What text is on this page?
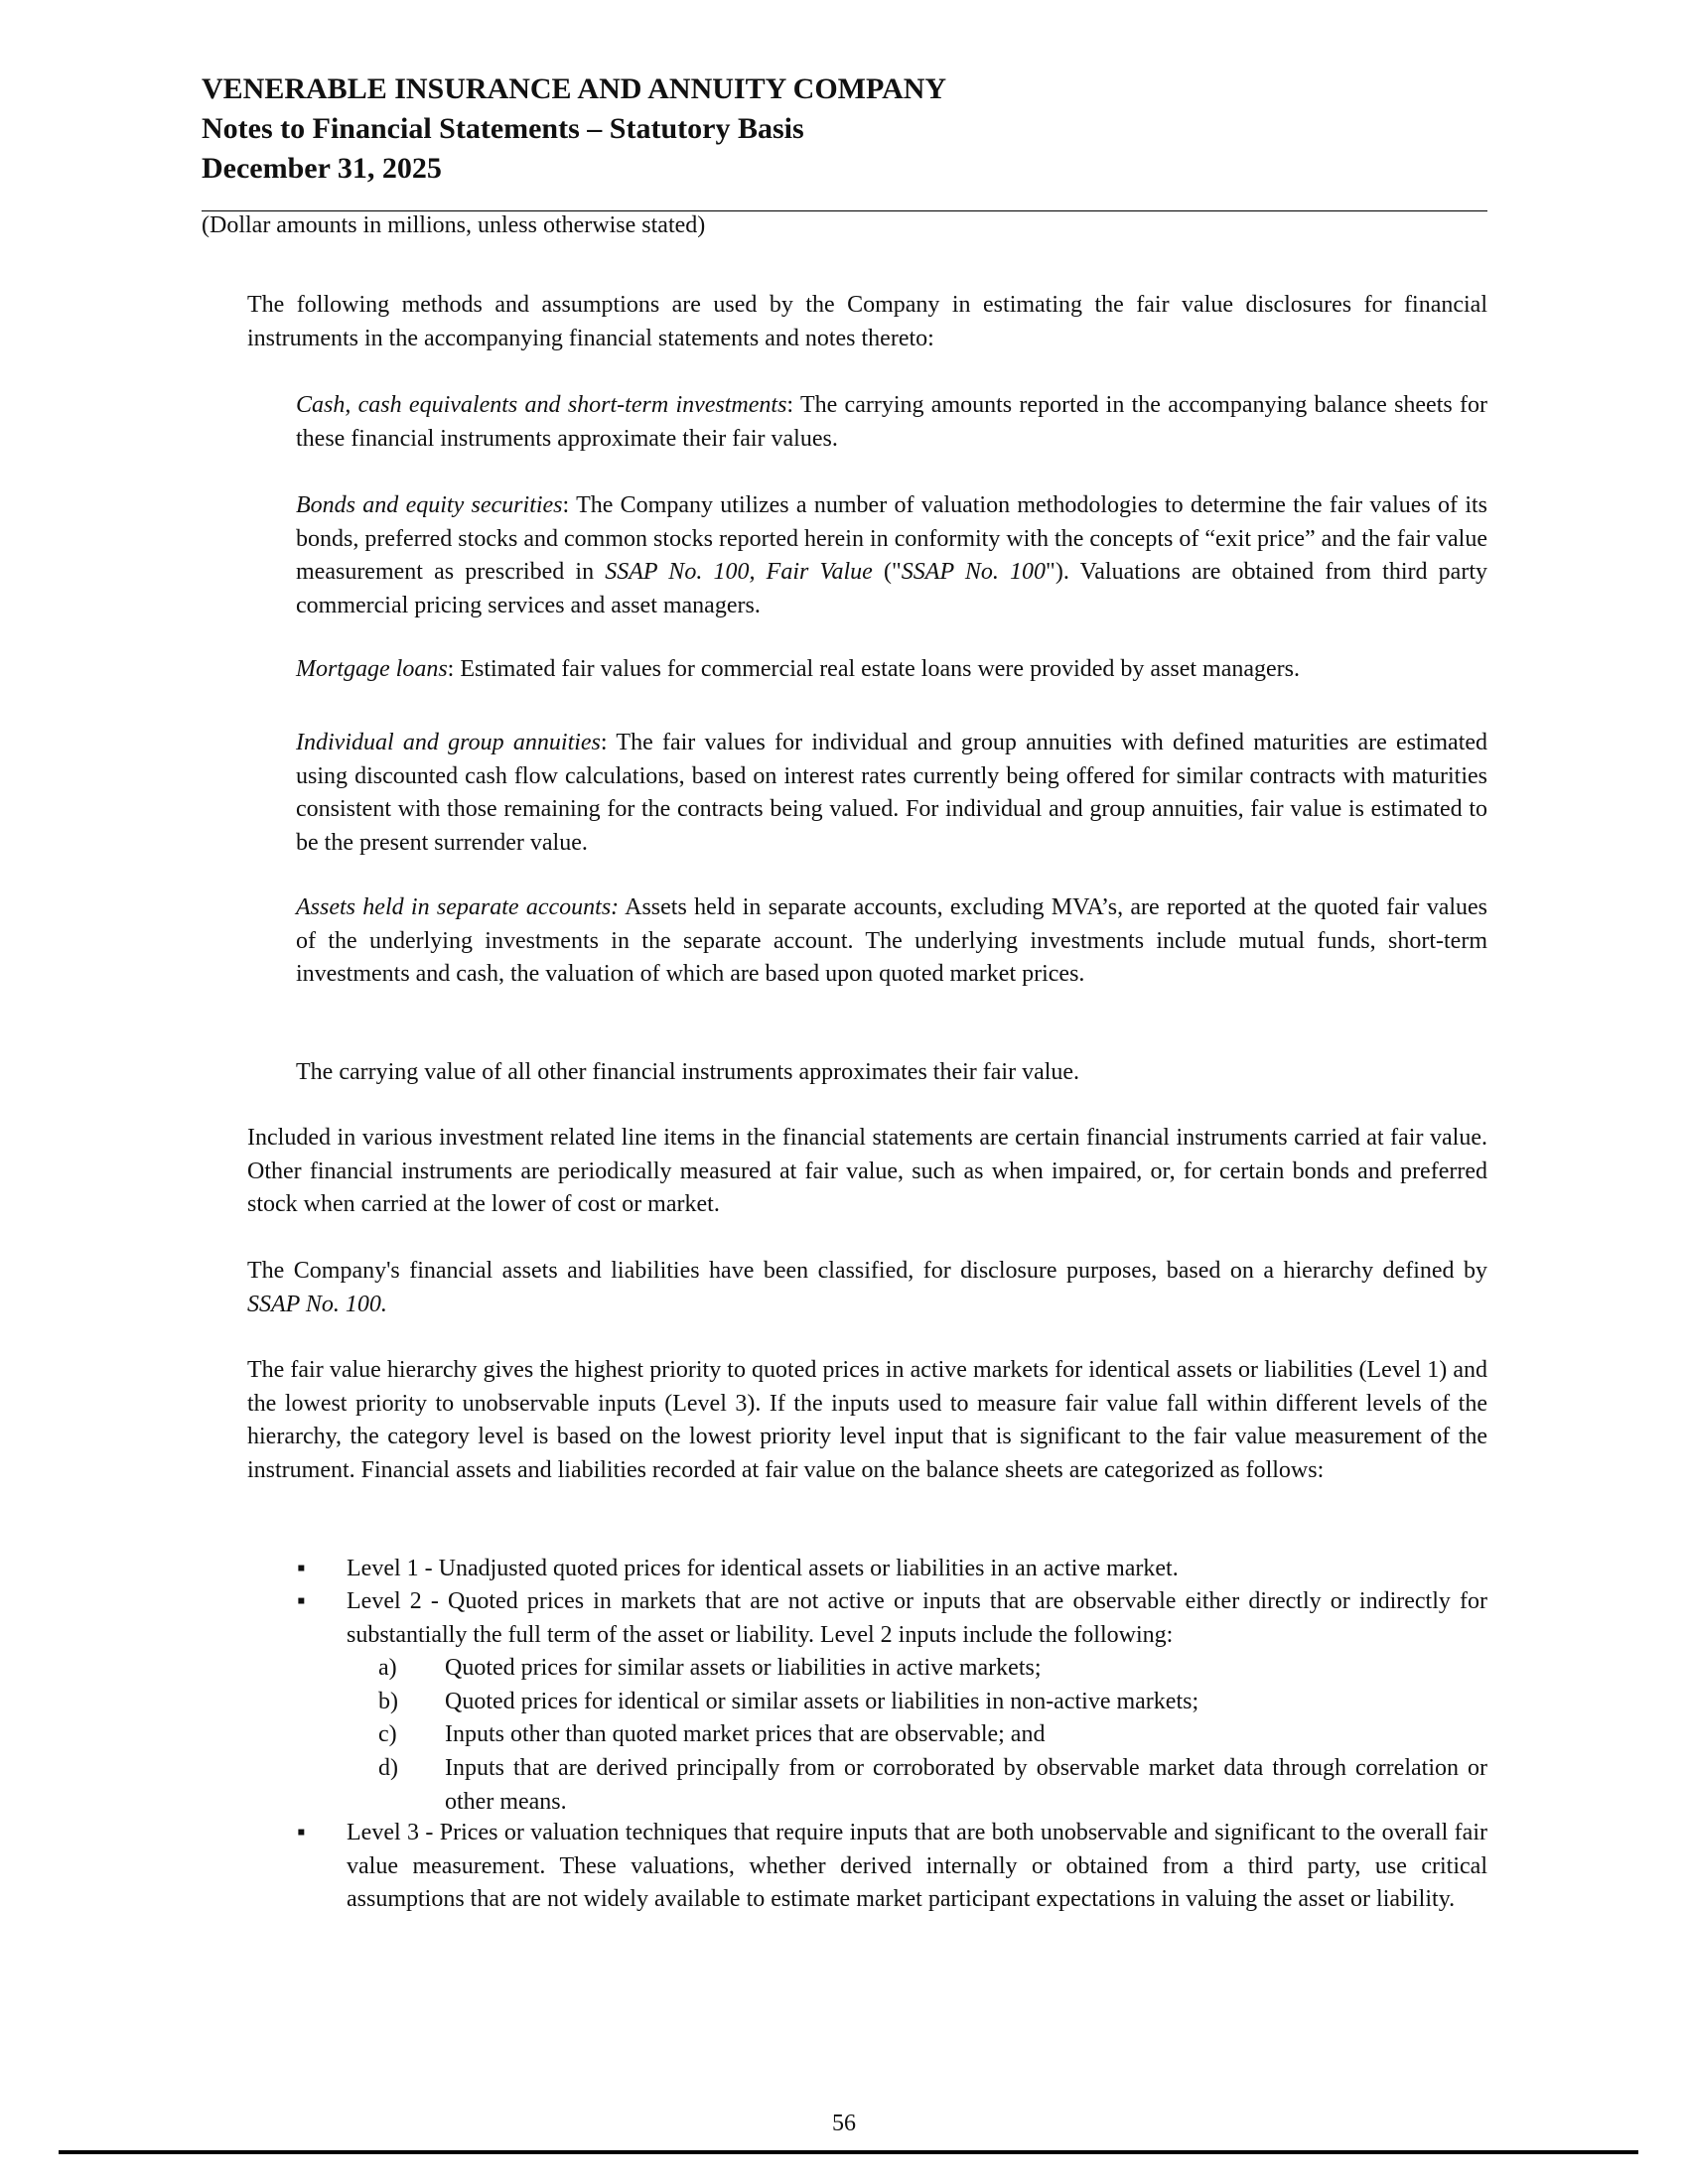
VENERABLE INSURANCE AND ANNUITY COMPANY
Notes to Financial Statements – Statutory Basis
December 31, 2025
(Dollar amounts in millions, unless otherwise stated)
The following methods and assumptions are used by the Company in estimating the fair value disclosures for financial instruments in the accompanying financial statements and notes thereto:
Cash, cash equivalents and short-term investments: The carrying amounts reported in the accompanying balance sheets for these financial instruments approximate their fair values.
Bonds and equity securities: The Company utilizes a number of valuation methodologies to determine the fair values of its bonds, preferred stocks and common stocks reported herein in conformity with the concepts of “exit price” and the fair value measurement as prescribed in SSAP No. 100, Fair Value ("SSAP No. 100"). Valuations are obtained from third party commercial pricing services and asset managers.
Mortgage loans: Estimated fair values for commercial real estate loans were provided by asset managers.
Individual and group annuities: The fair values for individual and group annuities with defined maturities are estimated using discounted cash flow calculations, based on interest rates currently being offered for similar contracts with maturities consistent with those remaining for the contracts being valued. For individual and group annuities, fair value is estimated to be the present surrender value.
Assets held in separate accounts: Assets held in separate accounts, excluding MVA’s, are reported at the quoted fair values of the underlying investments in the separate account. The underlying investments include mutual funds, short-term investments and cash, the valuation of which are based upon quoted market prices.
The carrying value of all other financial instruments approximates their fair value.
Included in various investment related line items in the financial statements are certain financial instruments carried at fair value. Other financial instruments are periodically measured at fair value, such as when impaired, or, for certain bonds and preferred stock when carried at the lower of cost or market.
The Company's financial assets and liabilities have been classified, for disclosure purposes, based on a hierarchy defined by SSAP No. 100.
The fair value hierarchy gives the highest priority to quoted prices in active markets for identical assets or liabilities (Level 1) and the lowest priority to unobservable inputs (Level 3). If the inputs used to measure fair value fall within different levels of the hierarchy, the category level is based on the lowest priority level input that is significant to the fair value measurement of the instrument. Financial assets and liabilities recorded at fair value on the balance sheets are categorized as follows:
▪ Level 1 - Unadjusted quoted prices for identical assets or liabilities in an active market.
▪ Level 2 - Quoted prices in markets that are not active or inputs that are observable either directly or indirectly for substantially the full term of the asset or liability. Level 2 inputs include the following:
a) Quoted prices for similar assets or liabilities in active markets;
b) Quoted prices for identical or similar assets or liabilities in non-active markets;
c) Inputs other than quoted market prices that are observable; and
d) Inputs that are derived principally from or corroborated by observable market data through correlation or other means.
▪ Level 3 - Prices or valuation techniques that require inputs that are both unobservable and significant to the overall fair value measurement. These valuations, whether derived internally or obtained from a third party, use critical assumptions that are not widely available to estimate market participant expectations in valuing the asset or liability.
56
